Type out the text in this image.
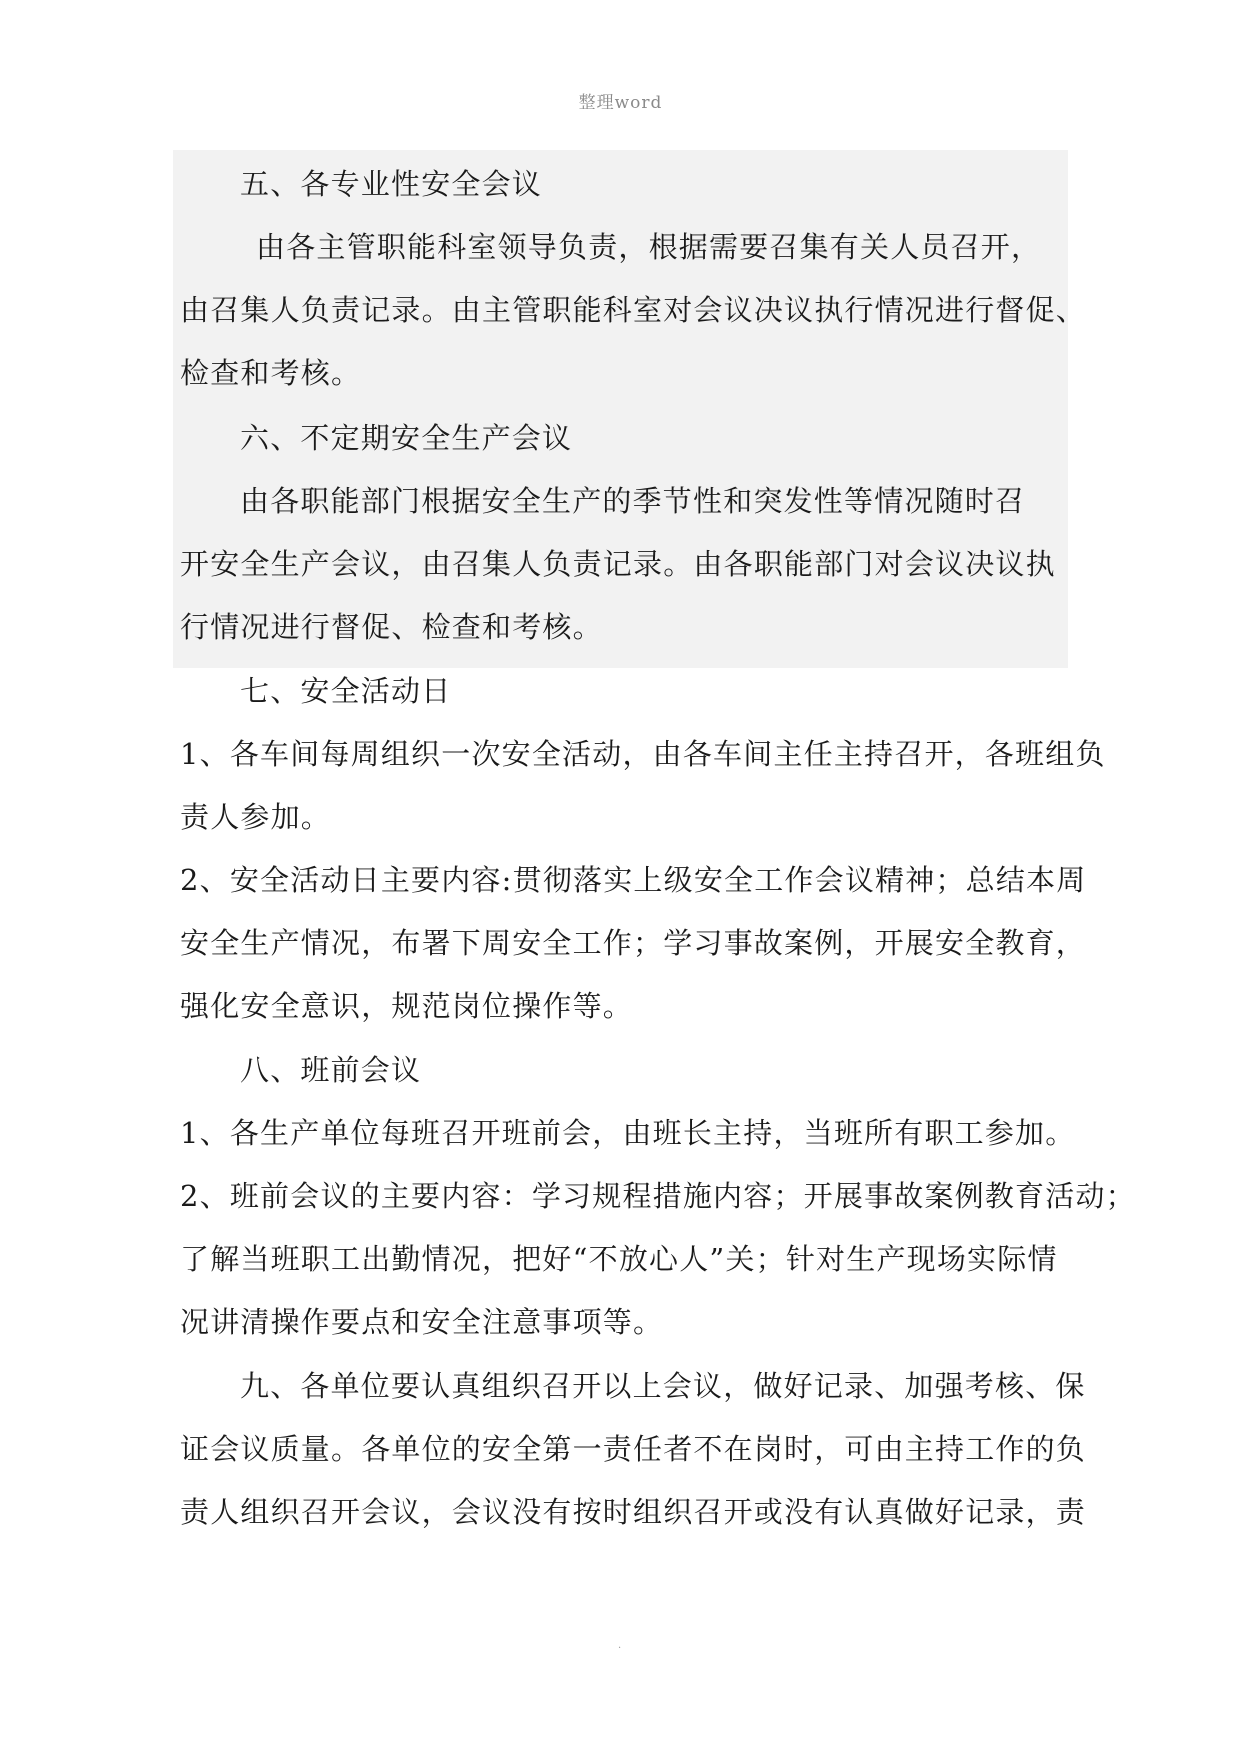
整理word
五、各专业性安全会议
由各主管职能科室领导负责，根据需要召集有关人员召开，
由召集人负责记录。由主管职能科室对会议决议执行情况进行督促、
检查和考核。
六、不定期安全生产会议
由各职能部门根据安全生产的季节性和突发性等情况随时召
开安全生产会议，由召集人负责记录。由各职能部门对会议决议执
行情况进行督促、检查和考核。
七、安全活动日
1、各车间每周组织一次安全活动，由各车间主任主持召开，各班组负
责人参加。
2、安全活动日主要内容:贯彻落实上级安全工作会议精神；总结本周
安全生产情况，布署下周安全工作；学习事故案例，开展安全教育，
强化安全意识，规范岗位操作等。
八、班前会议
1、各生产单位每班召开班前会，由班长主持，当班所有职工参加。
2、班前会议的主要内容：学习规程措施内容；开展事故案例教育活动；
了解当班职工出勤情况，把好“不放心人”关；针对生产现场实际情
况讲清操作要点和安全注意事项等。
九、各单位要认真组织召开以上会议，做好记录、加强考核、保
证会议质量。各单位的安全第一责任者不在岗时，可由主持工作的负
责人组织召开会议，会议没有按时组织召开或没有认真做好记录，责
.
